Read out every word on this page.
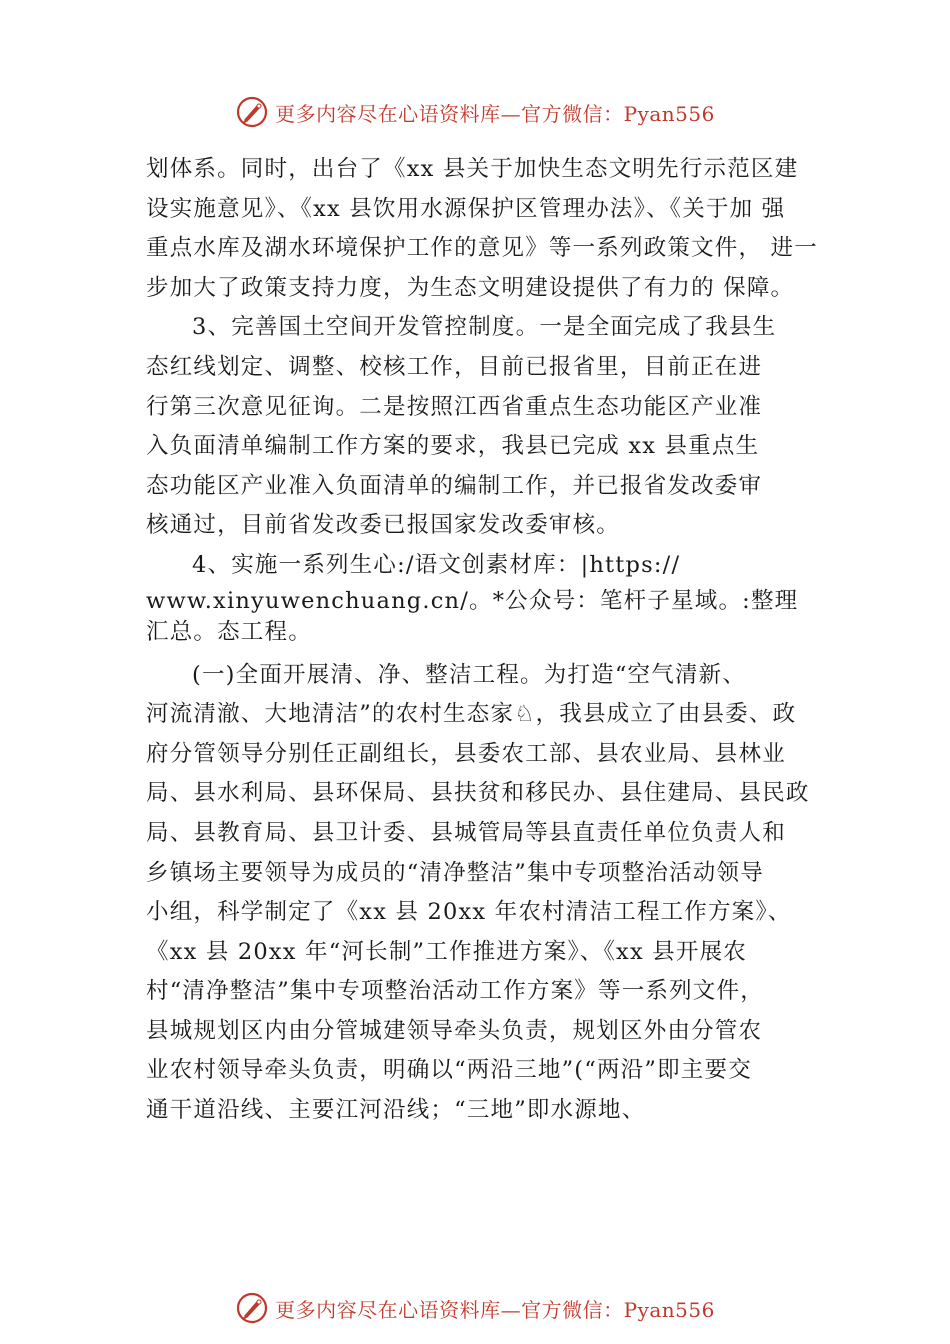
更多内容尽在心语资料库—官方微信：Pyan556
划体系。同时，出台了《xx 县关于加快生态文明先行示范区建
设实施意见》、《xx 县饮用水源保护区管理办法》、《关于加 强
重点水库及湖水环境保护工作的意见》等一系列政策文件， 进一
步加大了政策支持力度，为生态文明建设提供了有力的 保障。
3、完善国土空间开发管控制度。一是全面完成了我县生
态红线划定、调整、校核工作，目前已报省里，目前正在进
行第三次意见征询。二是按照江西省重点生态功能区产业准
入负面清单编制工作方案的要求，我县已完成 xx 县重点生
态功能区产业准入负面清单的编制工作，并已报省发改委审
核通过，目前省发改委已报国家发改委审核。
4、实施一系列生心:/语文创素材库：|https://
www.xinyuwenchuang.cn/。*公众号：笔杆子星域。:整理
汇总。态工程。
(一)全面开展清、净、整洁工程。为打造“空气清新、
河流清澈、大地清洁”的农村生态家♘，我县成立了由县委、政
府分管领导分别任正副组长，县委农工部、县农业局、县林业
局、县水利局、县环保局、县扶贫和移民办、县住建局、县民政
局、县教育局、县卫计委、县城管局等县直责任单位负责人和
乡镇场主要领导为成员的“清净整洁”集中专项整治活动领导
小组，科学制定了《xx 县 20xx 年农村清洁工程工作方案》、
《xx 县 20xx 年“河长制”工作推进方案》、《xx 县开展农
村“清净整洁”集中专项整治活动工作方案》等一系列文件，
县城规划区内由分管城建领导牵头负责，规划区外由分管农
业农村领导牵头负责，明确以“两沿三地”(“两沿”即主要交
通干道沿线、主要江河沿线；“三地”即水源地、
更多内容尽在心语资料库—官方微信：Pyan556
